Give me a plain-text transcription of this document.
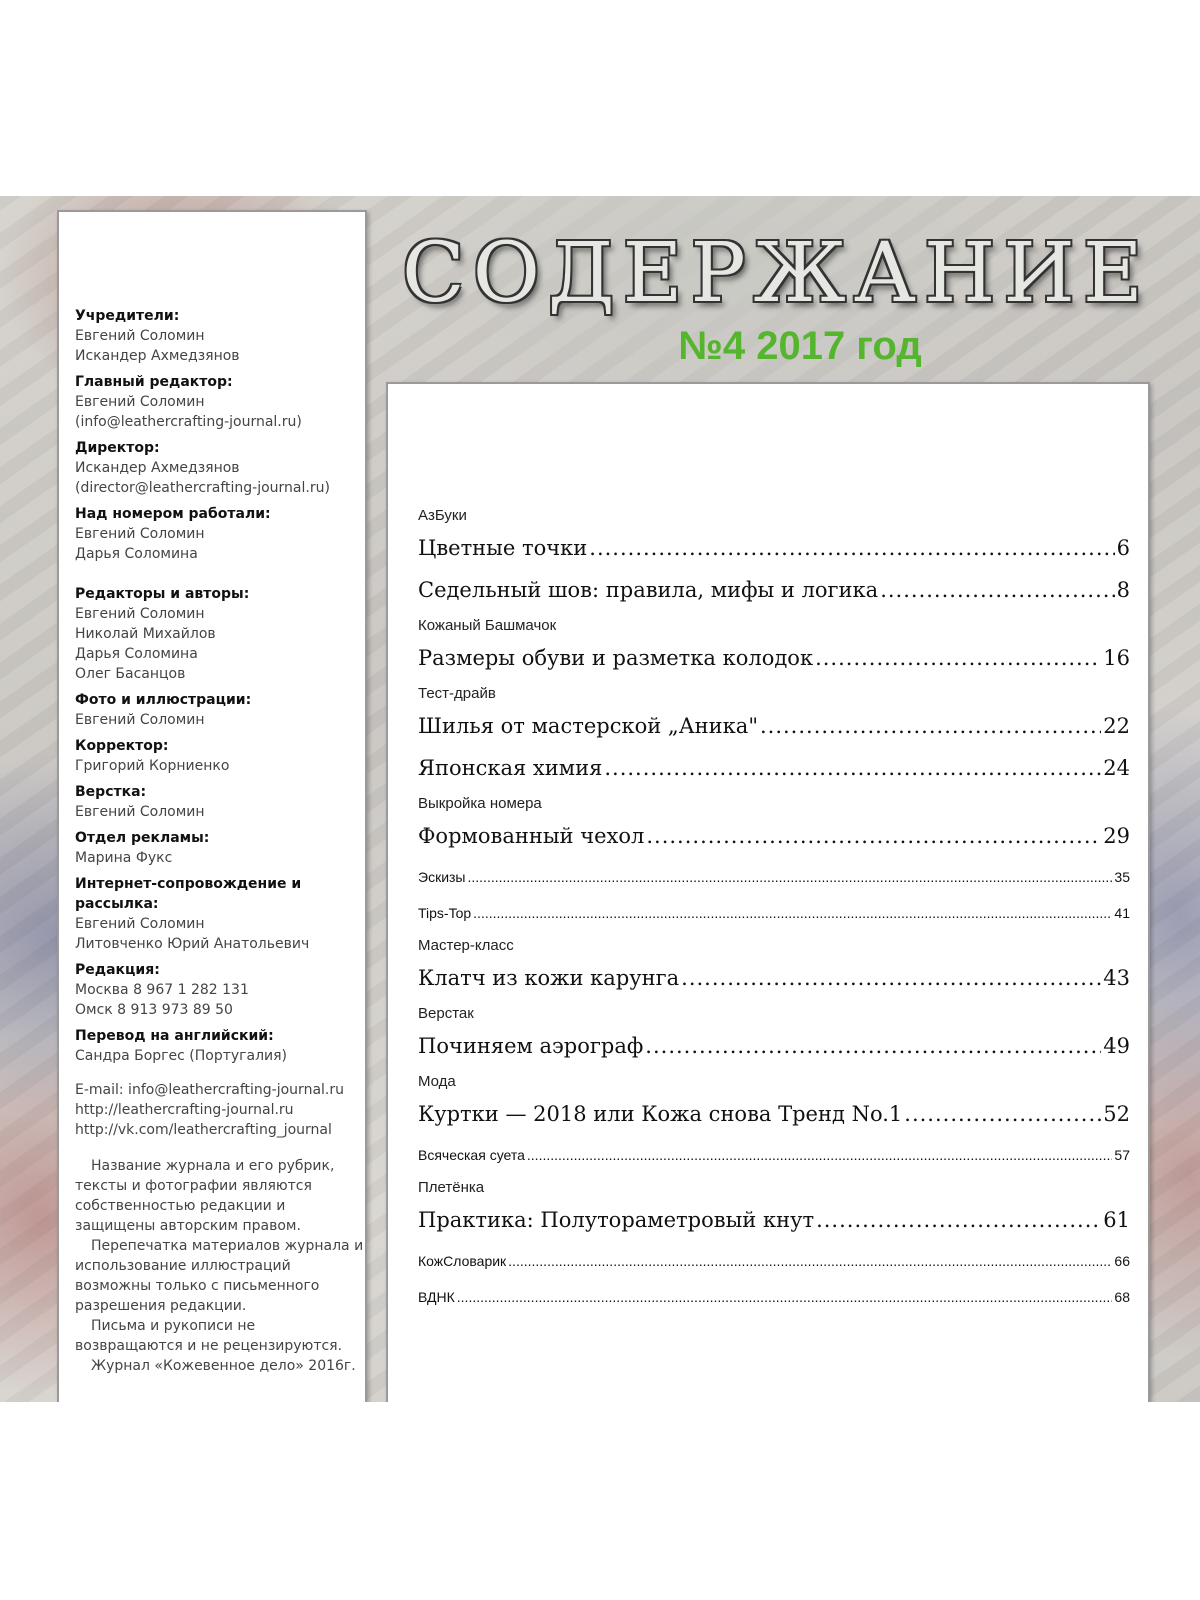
Учредители:
Евгений Соломин
Искандер Ахмедзянов
Главный редактор:
Евгений Соломин
(info@leathercrafting-journal.ru)
Директор:
Искандер Ахмедзянов
(director@leathercrafting-journal.ru)
Над номером работали:
Евгений Соломин
Дарья Соломина
Редакторы и авторы:
Евгений Соломин
Николай Михайлов
Дарья Соломина
Олег Басанцов
Фото и иллюстрации:
Евгений Соломин
Корректор:
Григорий Корниенко
Верстка:
Евгений Соломин
Отдел рекламы:
Марина Фукс
Интернет-сопровождение и рассылка:
Евгений Соломин
Литовченко Юрий Анатольевич
Редакция:
Москва 8 967 1 282 131
Омск 8 913 973 89 50
Перевод на английский:
Сандра Боргес (Португалия)
E-mail: info@leathercrafting-journal.ru
http://leathercrafting-journal.ru
http://vk.com/leathercrafting_journal

Название журнала и его рубрик, тексты и фотографии являются собственностью редакции и защищены авторским правом.

Перепечатка материалов журнала и использование иллюстраций возможны только с письменного разрешения редакции.

Письма и рукописи не возвращаются и не рецензируются.

Журнал «Кожевенное дело» 2016г.

СОДЕРЖАНИЕ
№4 2017 год
АзБуки
Цветные точки .....	6
Седельный шов: правила, мифы и логика .....	8
Кожаный Башмачок
Размеры обуви и разметка колодок .....	16
Тест-драйв
Шилья от мастерской „Аника" .....	22
Японская химия .....	24
Выкройка номера
Формованный чехол .....	29
Эскизы .....	35
Tips-Top .....	41
Мастер-класс
Клатч из кожи карунга .....	43
Верстак
Починяем аэрограф .....	49
Мода
Куртки — 2018 или Кожа снова Тренд No.1 .....	52
Всяческая суета .....	57
Плетёнка
Практика: Полутораметровый кнут .....	61
КожСловарик .....	66
ВДНК .....	68
